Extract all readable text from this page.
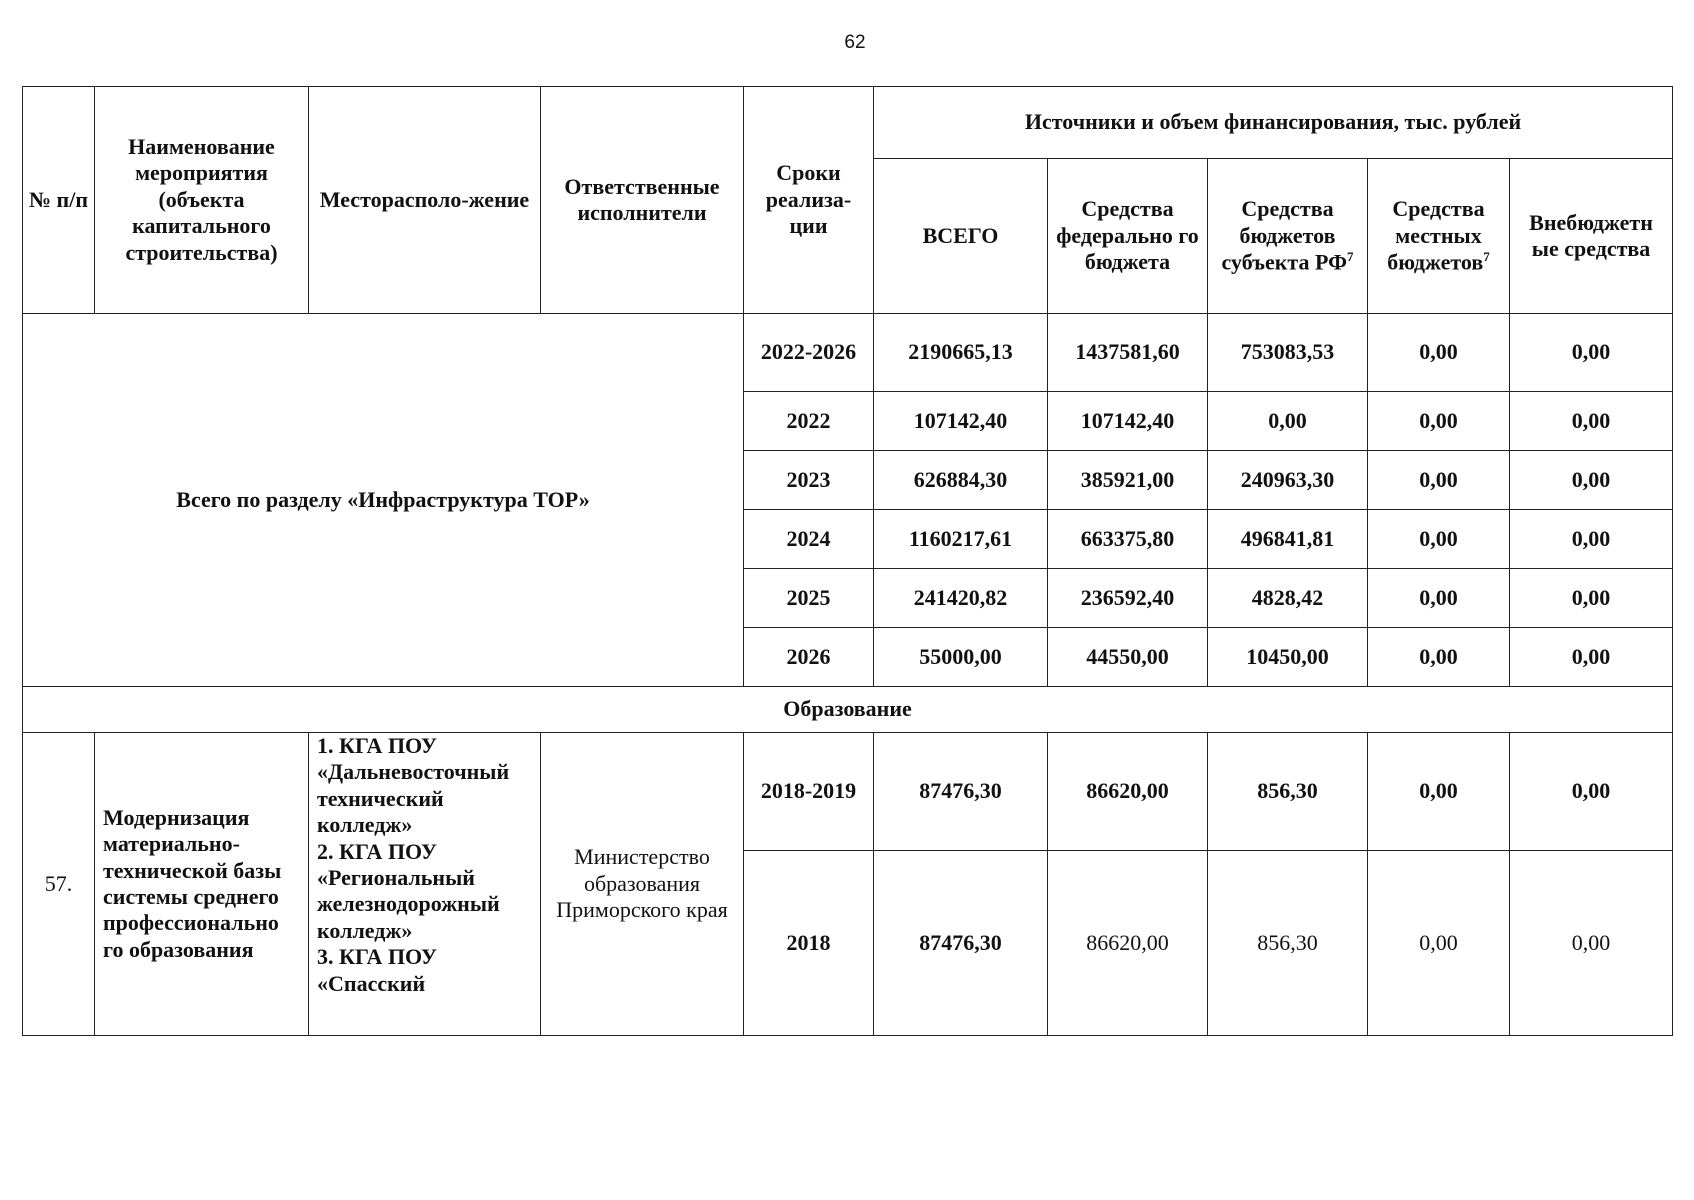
62
№ п/п	Наименование мероприятия (объекта капитального строительства)	Месторасполо-жение	Ответственные исполнители	Сроки реализа-ции	Источники и объем финансирования, тыс. рублей				
					ВСЕГО	Средства федерально го бюджета	Средства бюджетов субъекта $РФ^7$	Средства местных бюджетов$^7$	Внебюджетн ые средства
Всего по разделу «Инфраструктура ТОР»				2022-2026	2190665,13	1437581,60	753083,53	0,00	0,00
				2022	107142,40	107142,40	0,00	0,00	0,00
				2023	626884,30	385921,00	240963,30	0,00	0,00
				2024	1160217,61	663375,80	496841,81	0,00	0,00
				2025	241420,82	236592,40	4828,42	0,00	0,00
				2026	55000,00	44550,00	10450,00	0,00	0,00
Образование									
57.	Модернизация материально-технической базы системы среднего профессионально го образования	1. КГА ПОУ «Дальневосточный технический колледж»
2. КГА ПОУ «Региональный железнодорожный колледж»
3. КГА ПОУ «Спасский	Министерство образования Приморского края	2018-2019	87476,30	86620,00	856,30	0,00	0,00
				2018	87476,30	86620,00	856,30	0,00	0,00
